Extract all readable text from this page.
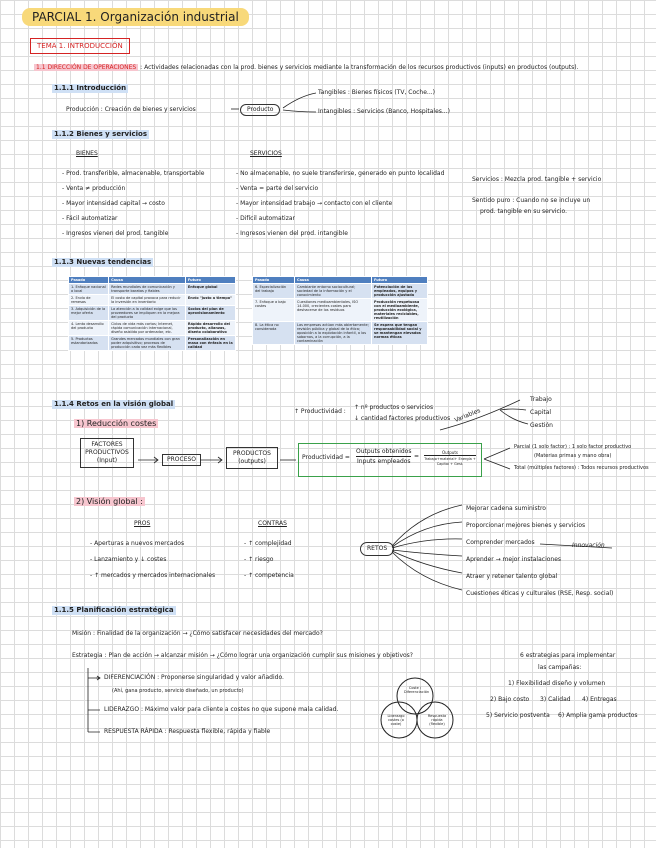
PARCIAL 1. Organización industrial
TEMA 1. INTRODUCCIÓN
1.1 DIRECCIÓN DE OPERACIONES : Actividades relacionadas con la prod. bienes y servicios mediante la transformación de los recursos productivos (inputs) en productos (outputs).
1.1.1 Introducción
Producción : Creación de bienes y servicios	Producto
Tangibles : Bienes físicos (TV, Coche...)
Intangibles : Servicios (Banco, Hospitales...)
1.1.2 Bienes y servicios
BIENES
- Prod. transferible, almacenable, transportable
- Venta ≠ producción
- Mayor intensidad capital → costo
- Fácil automatizar
- Ingresos vienen del prod. tangible
SERVICIOS
- No almacenable, no suele transferirse, generado en punto localidad
- Venta = parte del servicio
- Mayor intensidad trabajo → contacto con el cliente
- Difícil automatizar
- Ingresos vienen del prod. intangible
Servicios : Mezcla prod. tangible + servicio
Sentido puro : Cuando no se incluye un
prod. tangible en su servicio.
1.1.3 Nuevas tendencias
Pasado	Causa	Futuro
1. Enfoque nacional o local	Redes mundiales de comunicación y transporte baratas y fiables	Enfoque global
2. Envío de remesas	El costo de capital provoca para reducir la inversión en inventario	Envío "justo a tiempo"
3. Adquisición de la mejor oferta	La atención a la calidad exige que los proveedores se impliquen en la mejora del producto	Socios del plan de aprovisionamiento
4. Lento desarrollo del producto	Ciclos de vida más cortos; Internet, rápida comunicación internacional, diseño asistido por ordenador, etc.	Rápido desarrollo del producto, alianzas, diseño colaborativo
5. Productos estandarizados	Grandes mercados mundiales con gran poder adquisitivo; procesos de producción cada vez más flexibles	Personalización en masa con énfasis en la calidad
Pasado	Causa	Futuro
6. Especialización del trabajo	Cambiante entorno sociocultural; sociedad de la información y el conocimiento	Potenciación de los empleados, equipos y producción ajustada
7. Enfoque a bajo costes	Cuestiones medioambientales, ISO 14.000, crecientes costes para deshacerse de los residuos	Producción respetuosa con el medioambiente, producción ecológica, materiales reciclables, reutilización
8. La ética no considerada	Las empresas actúan más abiertamente; revisión pública y global de la ética; oposición a la explotación infantil, a los sobornos, a la corrupción, a la contaminación	Se espera que tengan responsabilidad social y se mantengan elevados normas éticas
1.1.4 Retos en la visión global
1) Reducción costes
FACTORES
PRODUCTIVOS
(Input)	PROCESO
PRODUCTOS
(outputs)
↑ Productividad :
↑ nº productos o servicios
↓ cantidad factores productivos Variables
Trabajo
Capital
Gestión
Productividad =
Outputs obtenidos
Inputs empleados
=
Outputs
Trabajo+material+ Energía + Capital + Gest.
Parcial (1 solo factor) : 1 solo factor productivo
(Materias primas y mano obra)
Total (múltiples factores) : Todos recursos productivos
2) Visión global :
PROS
- Aperturas a nuevos mercados
- Lanzamiento y ↓ costes
- ↑ mercados y mercados internacionales
CONTRAS
- ↑ complejidad
- ↑ riesgo
- ↑ competencia
RETOS
Mejorar cadena suministro
Proporcionar mejores bienes y servicios
Comprender mercados
Aprender → mejor instalaciones
Atraer y retener talento global
Cuestiones éticas y culturales (RSE, Resp. social)
Innovación
1.1.5 Planificación estratégica
Misión : Finalidad de la organización → ¿Cómo satisfacer necesidades del mercado?
Estrategia : Plan de acción → alcanzar misión → ¿Cómo lograr una organización cumplir sus misiones y objetivos?
DIFERENCIACIÓN : Proponerse singularidad y valor añadido.
(Ahí, gana producto, servicio diseñado, un producto)
LIDERAZGO : Máximo valor para cliente a costes no que supone mala calidad.
RESPUESTA RÁPIDA : Respuesta flexible, rápida y fiable
Coste / Diferenciación
Liderazgo costes (o coste)
Respuesta rápida (flexible)
6 estrategias para implementar
las campañas:
1) Flexibilidad diseño y volumen
2) Bajo costo 3) Calidad 4) Entregas
5) Servicio postventa 6) Amplia gama productos
